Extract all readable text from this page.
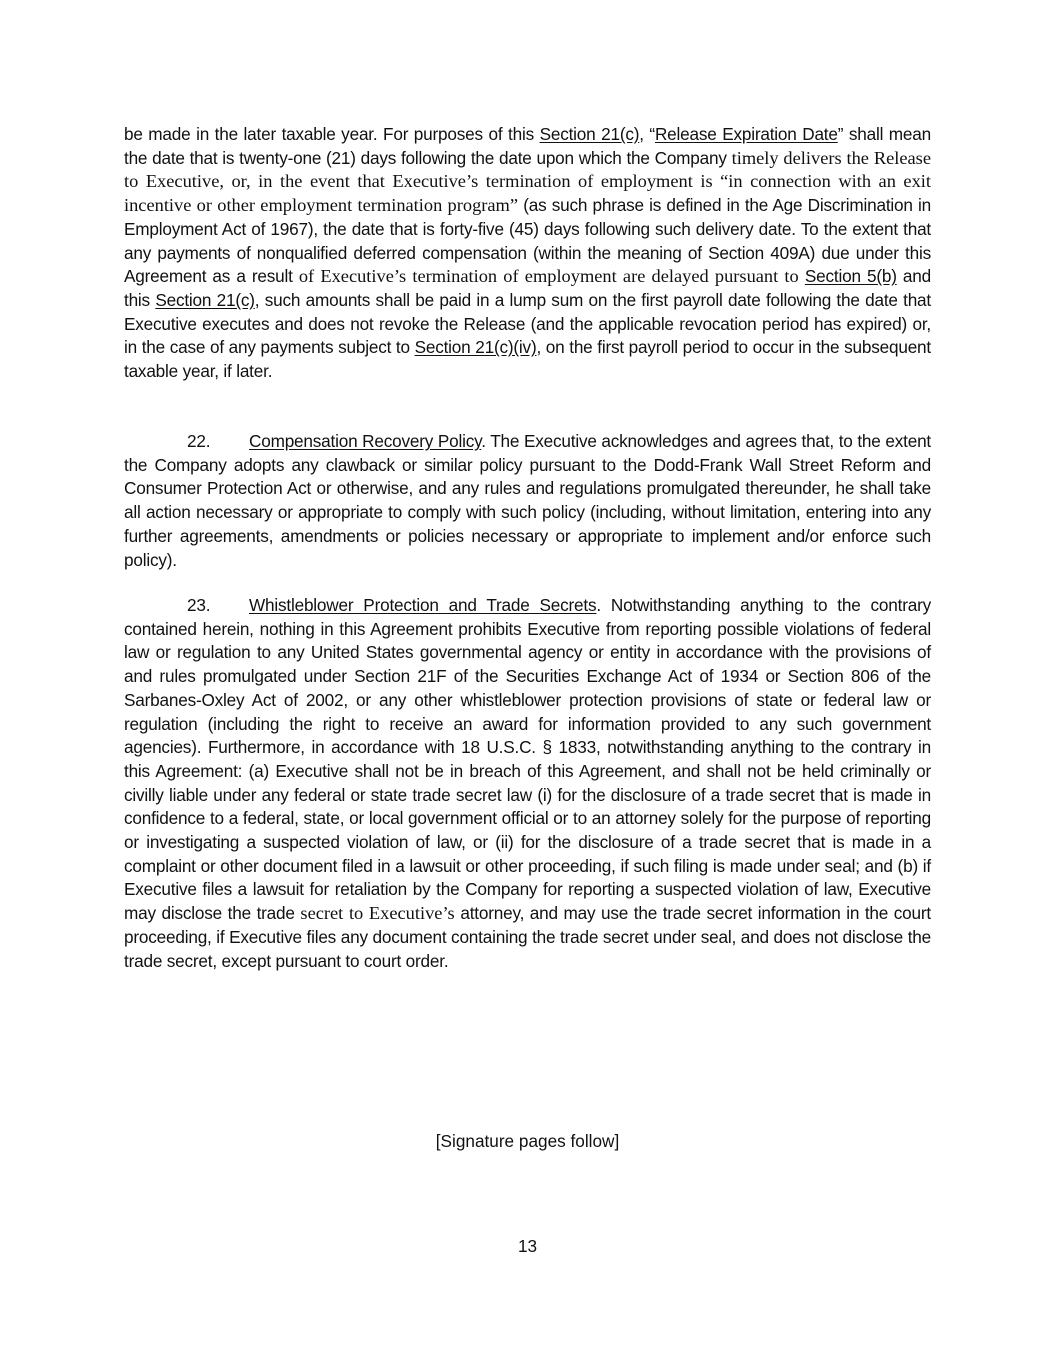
be made in the later taxable year. For purposes of this Section 21(c), “Release Expiration Date” shall mean the date that is twenty-one (21) days following the date upon which the Company timely delivers the Release to Executive, or, in the event that Executive’s termination of employment is “in connection with an exit incentive or other employment termination program” (as such phrase is defined in the Age Discrimination in Employment Act of 1967), the date that is forty-five (45) days following such delivery date. To the extent that any payments of nonqualified deferred compensation (within the meaning of Section 409A) due under this Agreement as a result of Executive’s termination of employment are delayed pursuant to Section 5(b) and this Section 21(c), such amounts shall be paid in a lump sum on the first payroll date following the date that Executive executes and does not revoke the Release (and the applicable revocation period has expired) or, in the case of any payments subject to Section 21(c)(iv), on the first payroll period to occur in the subsequent taxable year, if later.

22. Compensation Recovery Policy. The Executive acknowledges and agrees that, to the extent the Company adopts any clawback or similar policy pursuant to the Dodd-Frank Wall Street Reform and Consumer Protection Act or otherwise, and any rules and regulations promulgated thereunder, he shall take all action necessary or appropriate to comply with such policy (including, without limitation, entering into any further agreements, amendments or policies necessary or appropriate to implement and/or enforce such policy).

23. Whistleblower Protection and Trade Secrets. Notwithstanding anything to the contrary contained herein, nothing in this Agreement prohibits Executive from reporting possible violations of federal law or regulation to any United States governmental agency or entity in accordance with the provisions of and rules promulgated under Section 21F of the Securities Exchange Act of 1934 or Section 806 of the Sarbanes-Oxley Act of 2002, or any other whistleblower protection provisions of state or federal law or regulation (including the right to receive an award for information provided to any such government agencies). Furthermore, in accordance with 18 U.S.C. § 1833, notwithstanding anything to the contrary in this Agreement: (a) Executive shall not be in breach of this Agreement, and shall not be held criminally or civilly liable under any federal or state trade secret law (i) for the disclosure of a trade secret that is made in confidence to a federal, state, or local government official or to an attorney solely for the purpose of reporting or investigating a suspected violation of law, or (ii) for the disclosure of a trade secret that is made in a complaint or other document filed in a lawsuit or other proceeding, if such filing is made under seal; and (b) if Executive files a lawsuit for retaliation by the Company for reporting a suspected violation of law, Executive may disclose the trade secret to Executive’s attorney, and may use the trade secret information in the court proceeding, if Executive files any document containing the trade secret under seal, and does not disclose the trade secret, except pursuant to court order.

[Signature pages follow]
13
